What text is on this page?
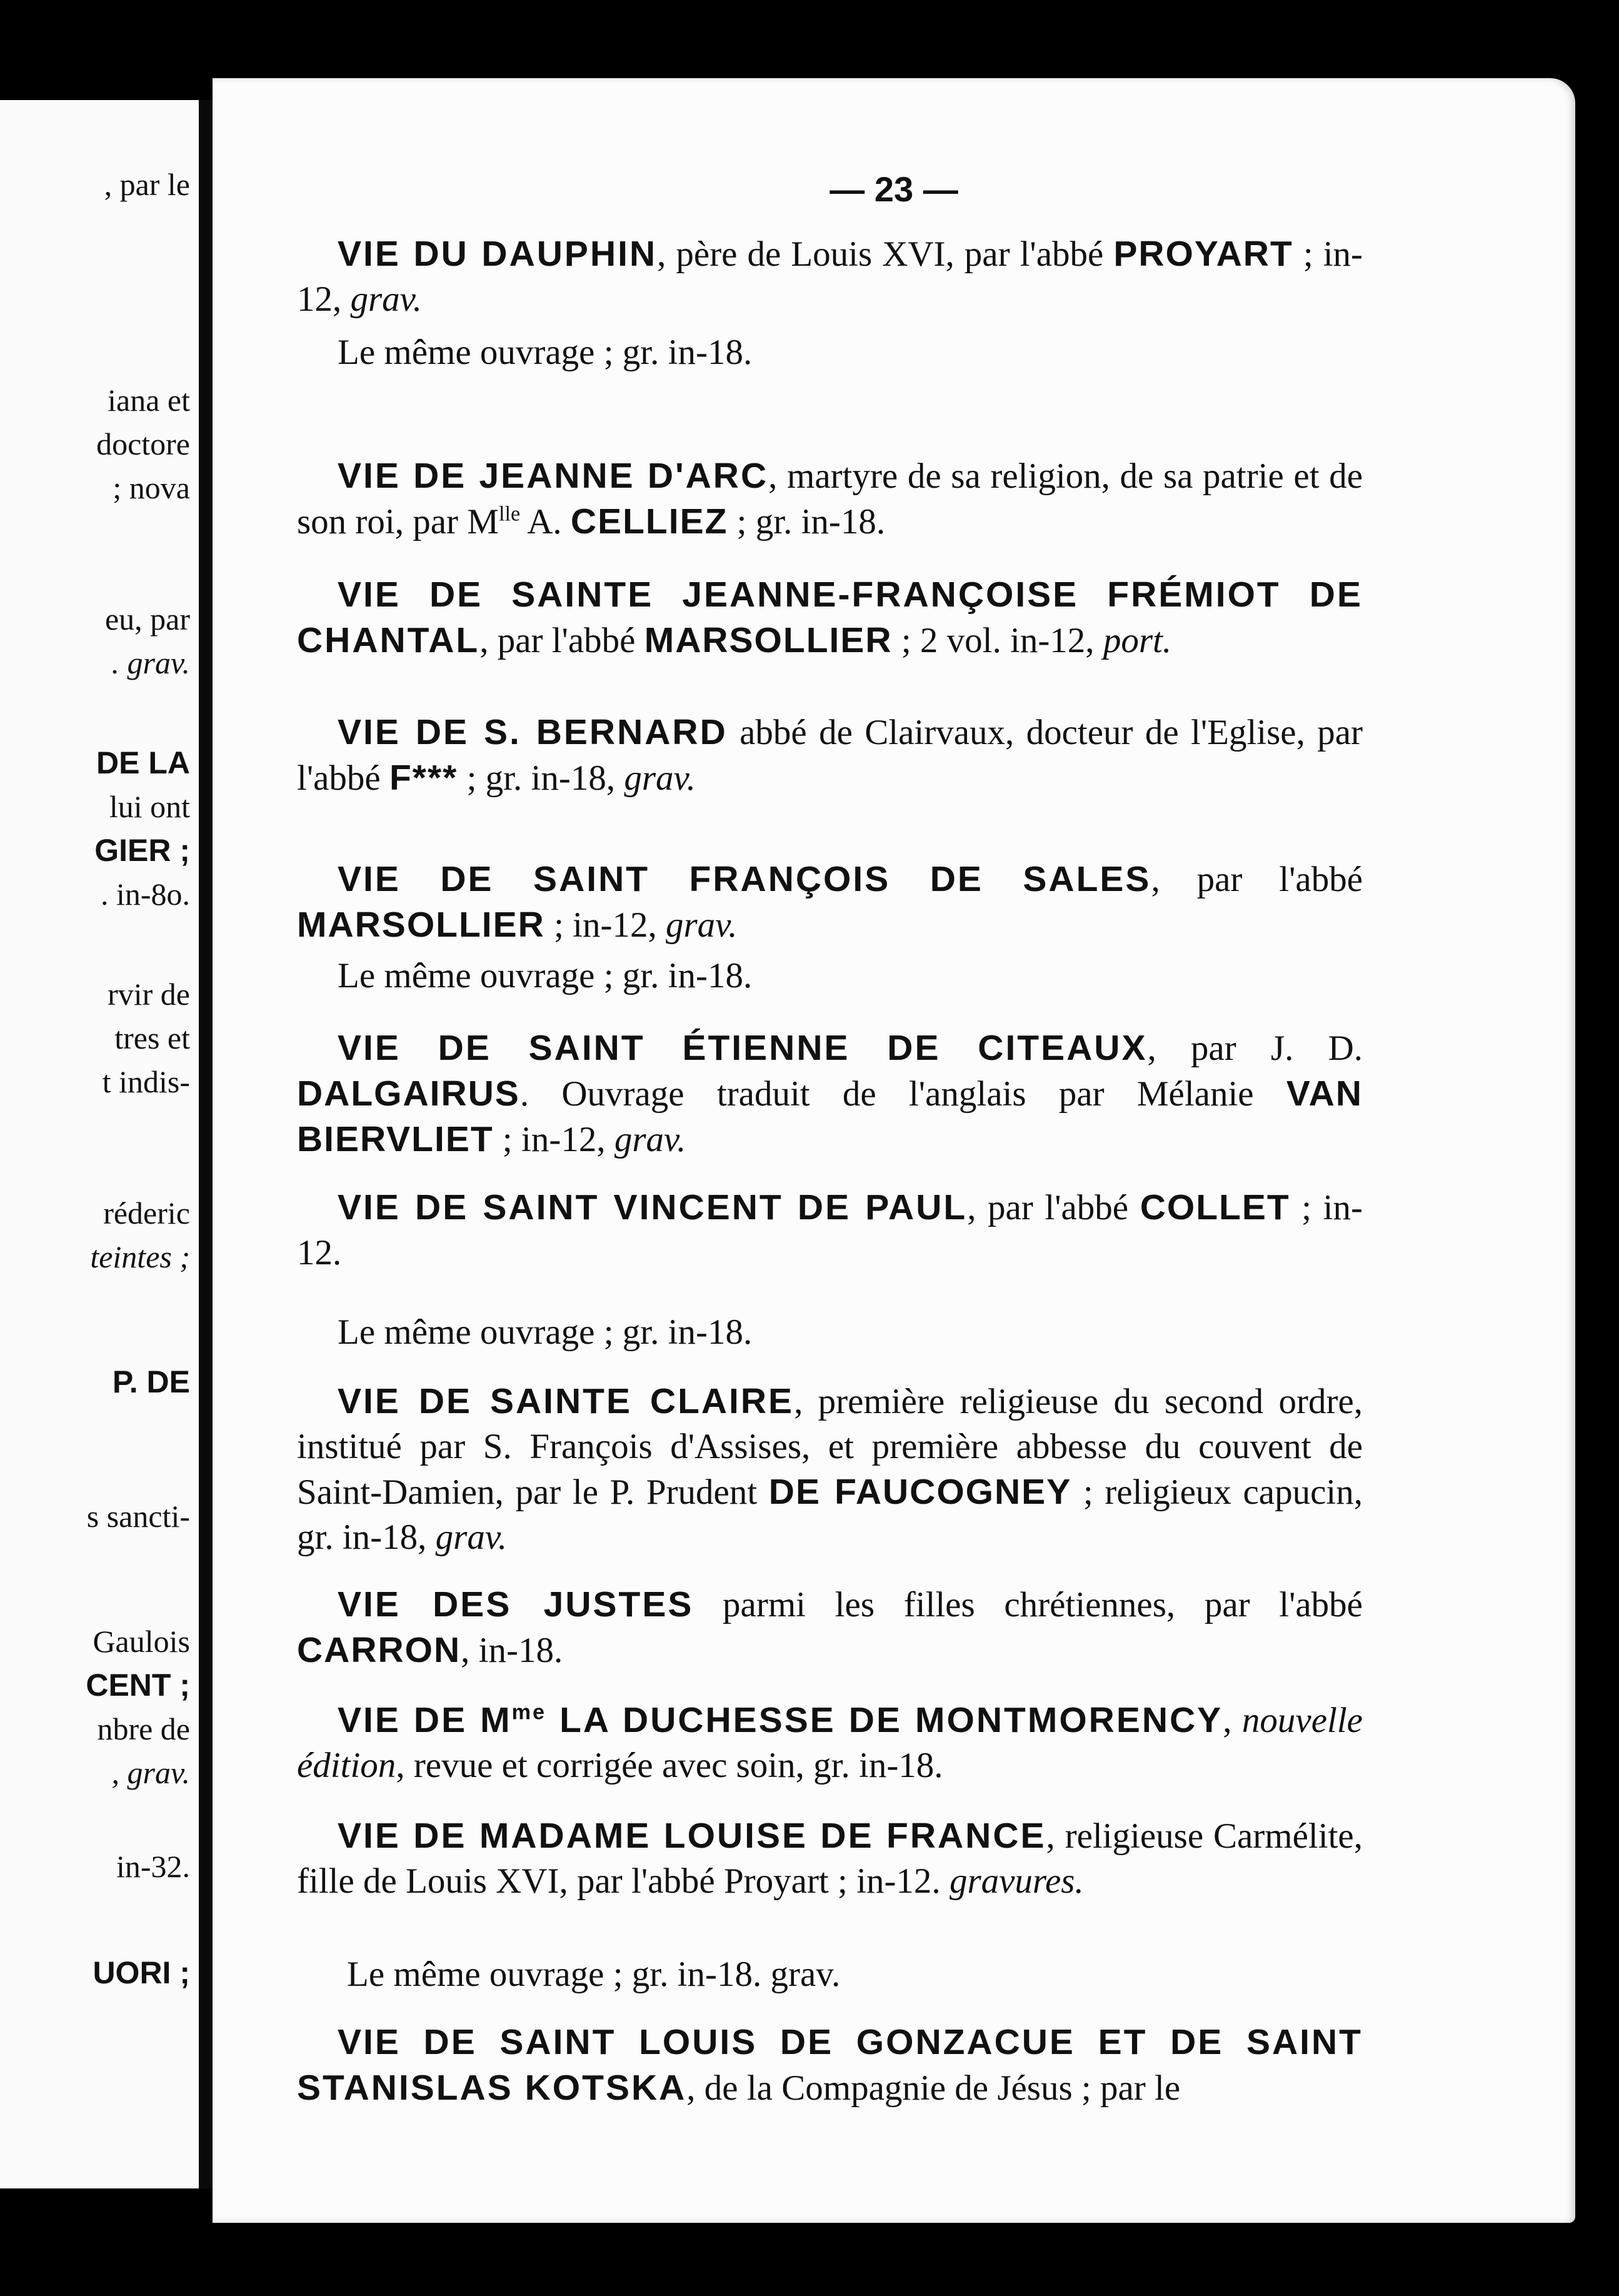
, par le
iana et
doctore
; nova
eu, par
. grav.
DE LA
lui ont
GIER ;
. in-8o.
rvir de
tres et
t indis-
réderic
teintes ;
P. DE
s sancti-
Gaulois
CENT ;
nbre de
, grav.
in-32.
UORI ;
— 23 —

VIE DU DAUPHIN, père de Louis XVI, par l'abbé PROYART ; in-12, grav.

Le même ouvrage ; gr. in-18.

VIE DE JEANNE D'ARC, martyre de sa religion, de sa patrie et de son roi, par $M^{lle}$ A. CELLIEZ ; gr. in-18.

VIE DE SAINTE JEANNE-FRANÇOISE FRÉMIOT DE CHANTAL, par l'abbé MARSOLLIER ; 2 vol. in-12, port.

VIE DE S. BERNARD abbé de Clairvaux, docteur de l'Eglise, par l'abbé F*** ; gr. in-18, grav.

VIE DE SAINT FRANÇOIS DE SALES, par l'abbé MARSOLLIER ; in-12, grav.

Le même ouvrage ; gr. in-18.

VIE DE SAINT ÉTIENNE DE CITEAUX, par J. D. DALGAIRUS. Ouvrage traduit de l'anglais par Mélanie VAN BIERVLIET ; in-12, grav.

VIE DE SAINT VINCENT DE PAUL, par l'abbé COLLET ; in-12.

Le même ouvrage ; gr. in-18.

VIE DE SAINTE CLAIRE, première religieuse du second ordre, institué par S. François d'Assises, et première abbesse du couvent de Saint-Damien, par le P. Prudent DE FAUCOGNEY ; religieux capucin, gr. in-18, grav.

VIE DES JUSTES parmi les filles chrétiennes, par l'abbé CARRON, in-18.

VIE DE $M^{me}$ LA DUCHESSE DE MONTMORENCY, nouvelle édition, revue et corrigée avec soin, gr. in-18.

VIE DE MADAME LOUISE DE FRANCE, religieuse Carmélite, fille de Louis XVI, par l'abbé Proyart ; in-12. gravures.

Le même ouvrage ; gr. in-18. grav.

VIE DE SAINT LOUIS DE GONZACUE ET DE SAINT STANISLAS KOTSKA, de la Compagnie de Jésus ; par le
